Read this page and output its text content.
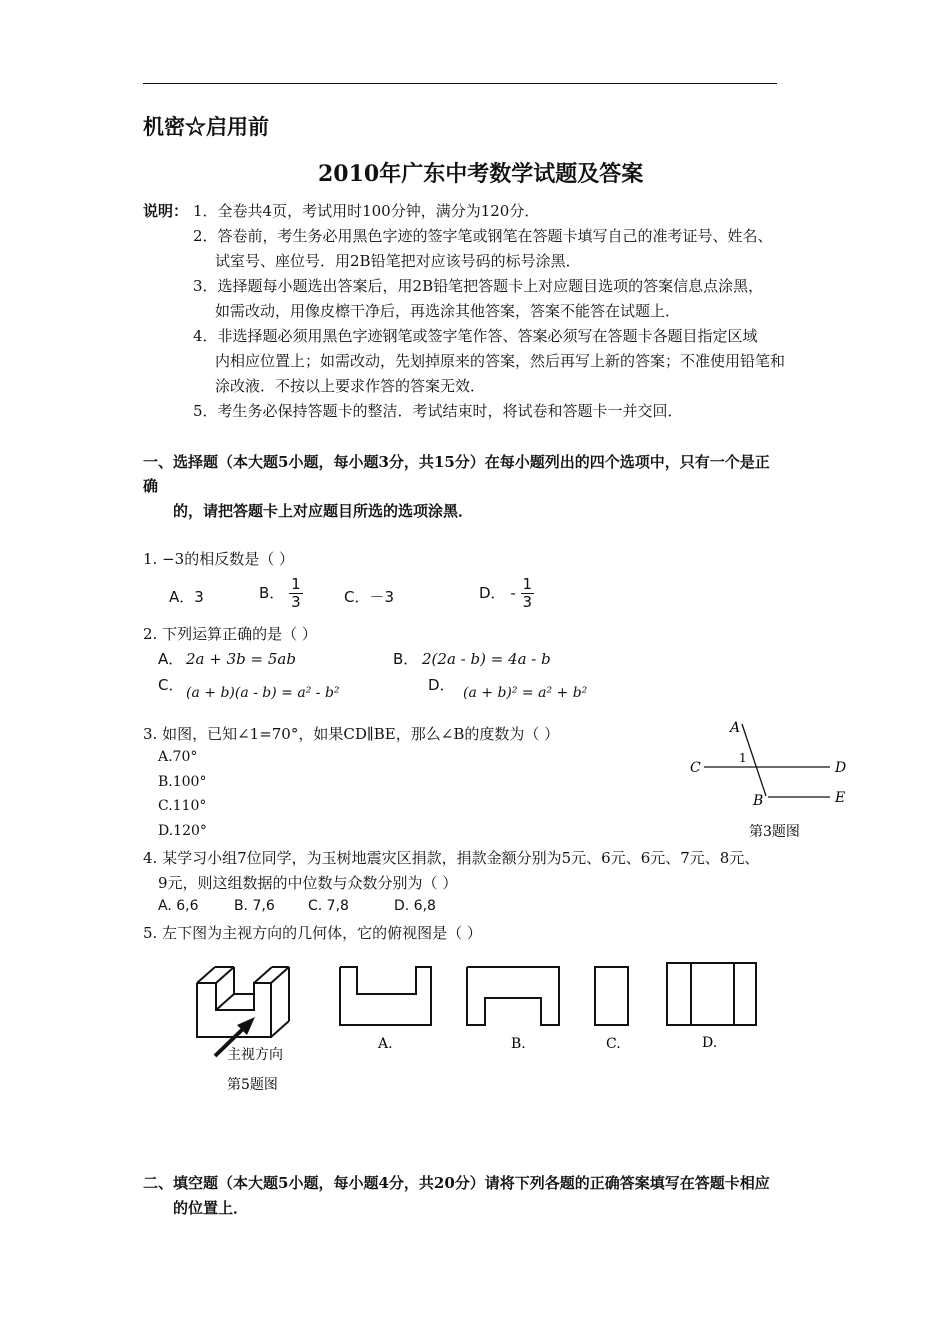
机密☆启用前
2010年广东中考数学试题及答案
说明： 1．全卷共4页，考试用时100分钟，满分为120分．
2．答卷前，考生务必用黑色字迹的签字笔或钢笔在答题卡填写自己的准考证号、姓名、
试室号、座位号．用2B铅笔把对应该号码的标号涂黑．
3．选择题每小题选出答案后，用2B铅笔把答题卡上对应题目选项的答案信息点涂黑，
如需改动，用像皮檫干净后，再选涂其他答案，答案不能答在试题上．
4．非选择题必须用黑色字迹钢笔或签字笔作答、答案必须写在答题卡各题目指定区域
内相应位置上；如需改动，先划掉原来的答案，然后再写上新的答案；不准使用铅笔和
涂改液．不按以上要求作答的答案无效．
5．考生务必保持答题卡的整洁．考试结束时，将试卷和答题卡一并交回．
一、选择题（本大题5小题，每小题3分，共15分）在每小题列出的四个选项中，只有一个是正
确
的，请把答题卡上对应题目所选的选项涂黑．
1. −3的相反数是（ ）
A．3	B． $\frac{1}{3}$	C．－3	D． - $\frac{1}{3}$
2. 下列运算正确的是（ ）
A． 2a + 3b = 5ab	B． 2(2a - b) = 4a - b
C． (a + b)(a - b) = a² - b²	D． (a + b)² = a² + b²
3. 如图，已知∠1=70°，如果CD∥BE，那么∠B的度数为（ ）
A.70°
B.100°
C.110°
D.120°
A
C
1
D
B	E
第3题图
4. 某学习小组7位同学，为玉树地震灾区捐款，捐款金额分别为5元、6元、6元、7元、8元、
9元，则这组数据的中位数与众数分别为（ ）
A. 6,6	B. 7,6 C. 7,8	D. 6,8
5. 左下图为主视方向的几何体，它的俯视图是（ ）
主视方向
第5题图
A.	B.	C.	D.
二、填空题（本大题5小题，每小题4分，共20分）请将下列各题的正确答案填写在答题卡相应
的位置上．
